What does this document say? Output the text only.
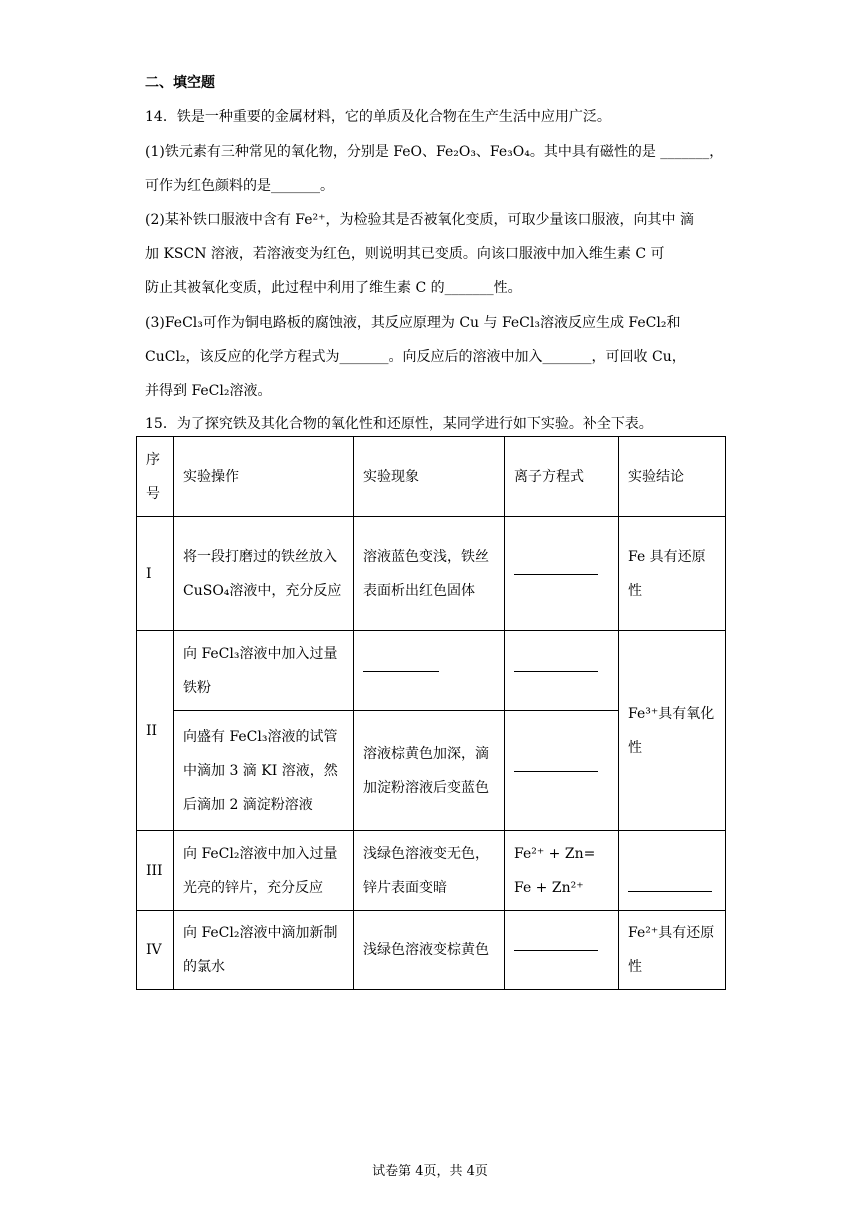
二、填空题
14．铁是一种重要的金属材料，它的单质及化合物在生产生活中应用广泛。
(1)铁元素有三种常见的氧化物，分别是 FeO、Fe₂O₃、Fe₃O₄。其中具有磁性的是 _______，
可作为红色颜料的是_______。
(2)某补铁口服液中含有 Fe²⁺，为检验其是否被氧化变质，可取少量该口服液，向其中 滴
加 KSCN 溶液，若溶液变为红色，则说明其已变质。向该口服液中加入维生素 C 可
防止其被氧化变质，此过程中利用了维生素 C 的_______性。
(3)FeCl₃可作为铜电路板的腐蚀液，其反应原理为 Cu 与 FeCl₃溶液反应生成 FeCl₂和
CuCl₂，该反应的化学方程式为_______。向反应后的溶液中加入_______，可回收 Cu，
并得到 FeCl₂溶液。
15．为了探究铁及其化合物的氧化性和还原性，某同学进行如下实验。补全下表。
序号	实验操作	实验现象	离子方程式	实验结论
I	将一段打磨过的铁丝放入 CuSO₄溶液中，充分反应	溶液蓝色变浅，铁丝表面析出红色固体		Fe 具有还原性
II	向 FeCl₃溶液中加入过量铁粉			Fe³⁺具有氧化性
	向盛有 FeCl₃溶液的试管中滴加 3 滴 KI 溶液，然后滴加 2 滴淀粉溶液	溶液棕黄色加深，滴加淀粉溶液后变蓝色		
III	向 FeCl₂溶液中加入过量光亮的锌片，充分反应	浅绿色溶液变无色，锌片表面变暗	Fe²⁺ + Zn= Fe + Zn²⁺	
IV	向 FeCl₂溶液中滴加新制的氯水	浅绿色溶液变棕黄色		Fe²⁺具有还原性
试卷第 4页，共 4页
